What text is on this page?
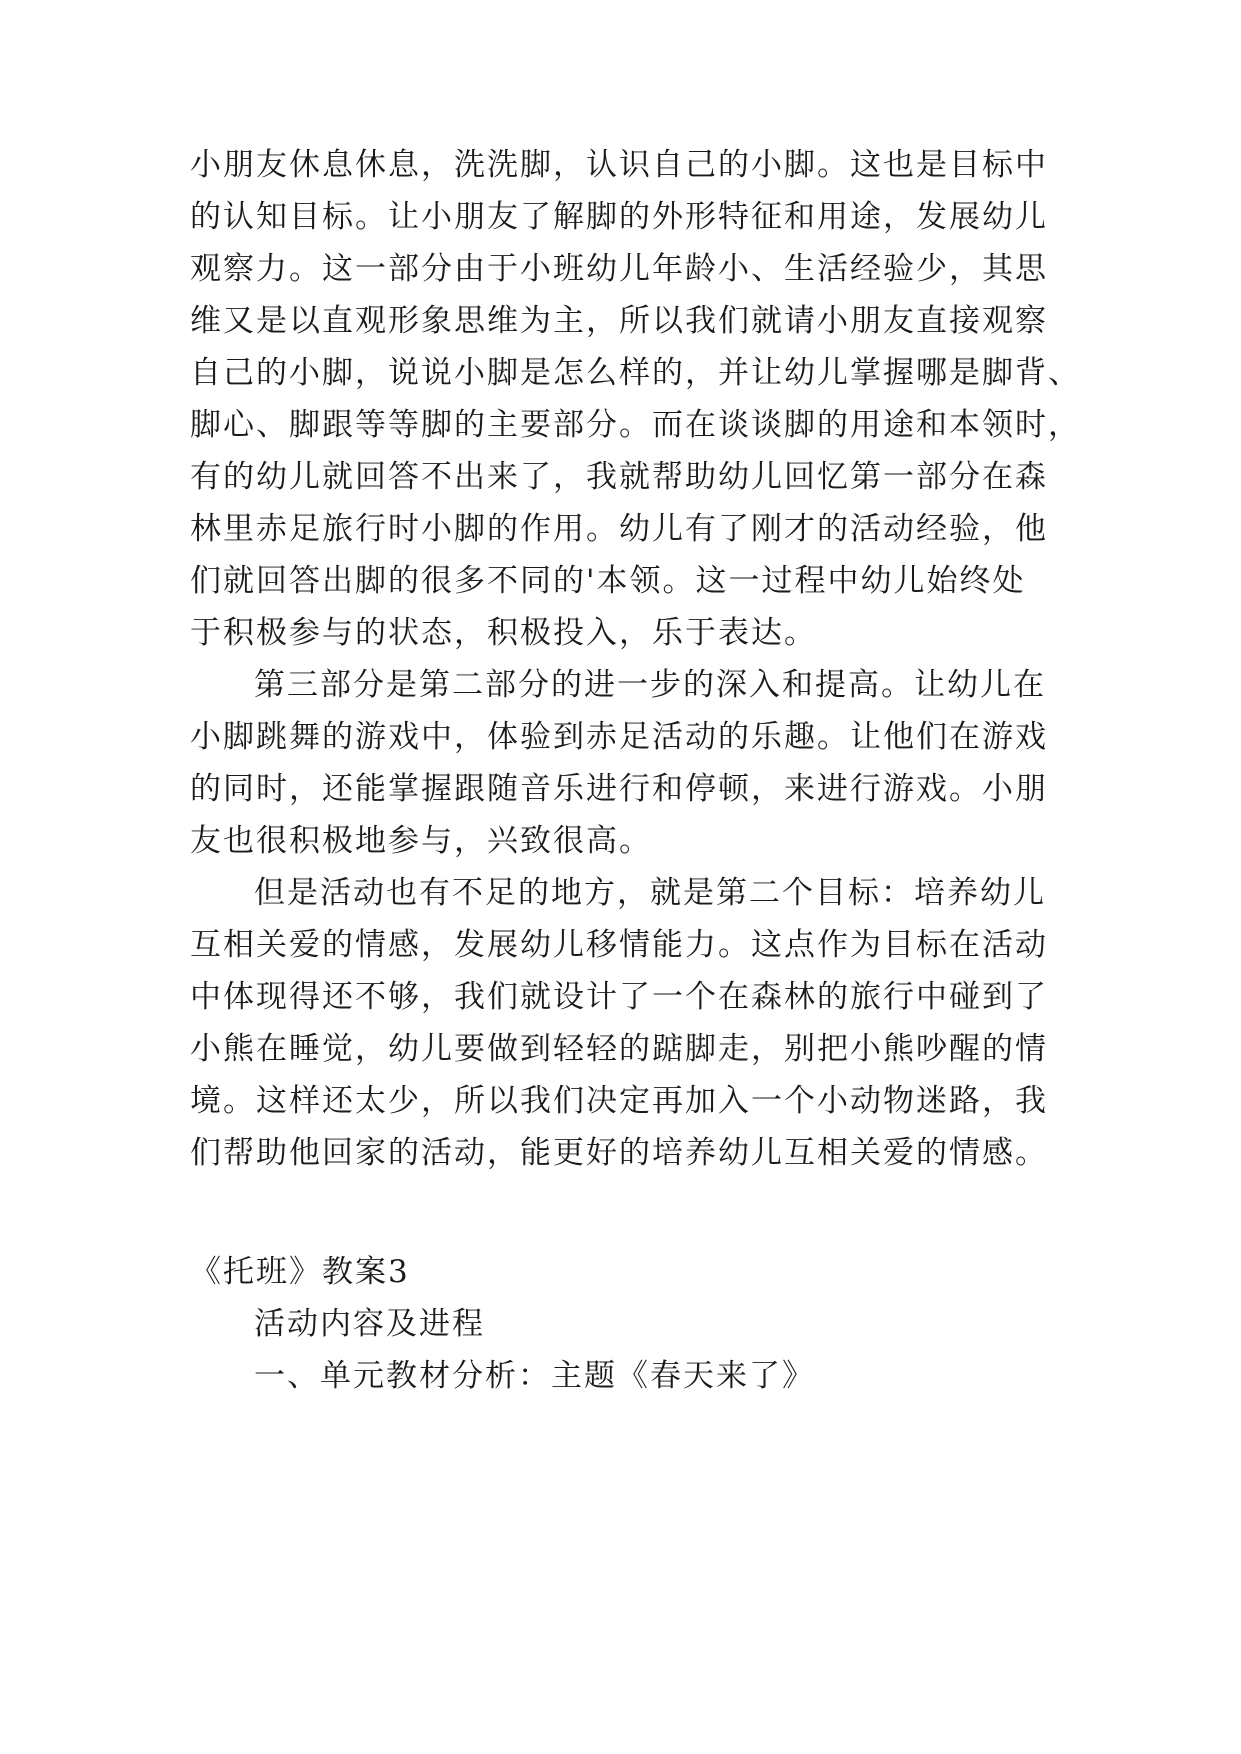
小朋友休息休息，洗洗脚，认识自己的小脚。这也是目标中
的认知目标。让小朋友了解脚的外形特征和用途，发展幼儿
观察力。这一部分由于小班幼儿年龄小、生活经验少，其思
维又是以直观形象思维为主，所以我们就请小朋友直接观察
自己的小脚，说说小脚是怎么样的，并让幼儿掌握哪是脚背、
脚心、脚跟等等脚的主要部分。而在谈谈脚的用途和本领时，
有的幼儿就回答不出来了，我就帮助幼儿回忆第一部分在森
林里赤足旅行时小脚的作用。幼儿有了刚才的活动经验，他
们就回答出脚的很多不同的'本领。这一过程中幼儿始终处
于积极参与的状态，积极投入，乐于表达。
第三部分是第二部分的进一步的深入和提高。让幼儿在
小脚跳舞的游戏中，体验到赤足活动的乐趣。让他们在游戏
的同时，还能掌握跟随音乐进行和停顿，来进行游戏。小朋
友也很积极地参与，兴致很高。
但是活动也有不足的地方，就是第二个目标：培养幼儿
互相关爱的情感，发展幼儿移情能力。这点作为目标在活动
中体现得还不够，我们就设计了一个在森林的旅行中碰到了
小熊在睡觉，幼儿要做到轻轻的踮脚走，别把小熊吵醒的情
境。这样还太少，所以我们决定再加入一个小动物迷路，我
们帮助他回家的活动，能更好的培养幼儿互相关爱的情感。
《托班》教案3
活动内容及进程
一、单元教材分析：主题《春天来了》
